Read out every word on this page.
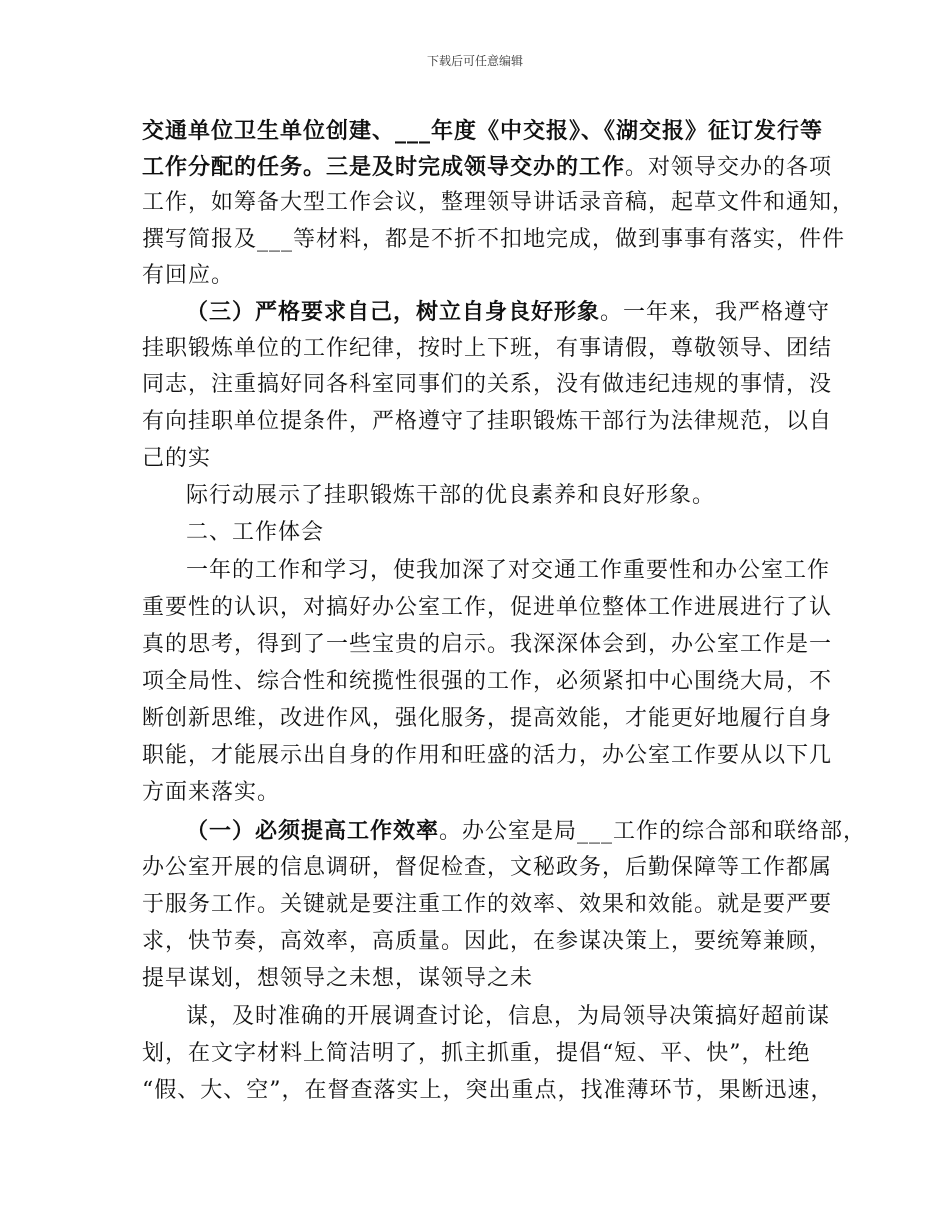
下载后可任意编辑
交通单位卫生单位创建、___年度《中交报》、《湖交报》征订发行等
工作分配的任务。三是及时完成领导交办的工作。对领导交办的各项
工作，如筹备大型工作会议，整理领导讲话录音稿，起草文件和通知，
撰写简报及___等材料，都是不折不扣地完成，做到事事有落实，件件
有回应。
（三）严格要求自己，树立自身良好形象。一年来，我严格遵守
挂职锻炼单位的工作纪律，按时上下班，有事请假，尊敬领导、团结
同志，注重搞好同各科室同事们的关系，没有做违纪违规的事情，没
有向挂职单位提条件，严格遵守了挂职锻炼干部行为法律规范，以自
己的实
际行动展示了挂职锻炼干部的优良素养和良好形象。
二、工作体会
一年的工作和学习，使我加深了对交通工作重要性和办公室工作
重要性的认识，对搞好办公室工作，促进单位整体工作进展进行了认
真的思考，得到了一些宝贵的启示。我深深体会到，办公室工作是一
项全局性、综合性和统揽性很强的工作，必须紧扣中心围绕大局，不
断创新思维，改进作风，强化服务，提高效能，才能更好地履行自身
职能，才能展示出自身的作用和旺盛的活力，办公室工作要从以下几
方面来落实。
（一）必须提高工作效率。办公室是局___工作的综合部和联络部，
办公室开展的信息调研，督促检查，文秘政务，后勤保障等工作都属
于服务工作。关键就是要注重工作的效率、效果和效能。就是要严要
求，快节奏，高效率，高质量。因此，在参谋决策上，要统筹兼顾，
提早谋划，想领导之未想，谋领导之未
谋，及时准确的开展调查讨论，信息，为局领导决策搞好超前谋
划，在文字材料上简洁明了，抓主抓重，提倡“短、平、快”，杜绝
“假、大、空”，在督查落实上，突出重点，找准薄环节，果断迅速，
